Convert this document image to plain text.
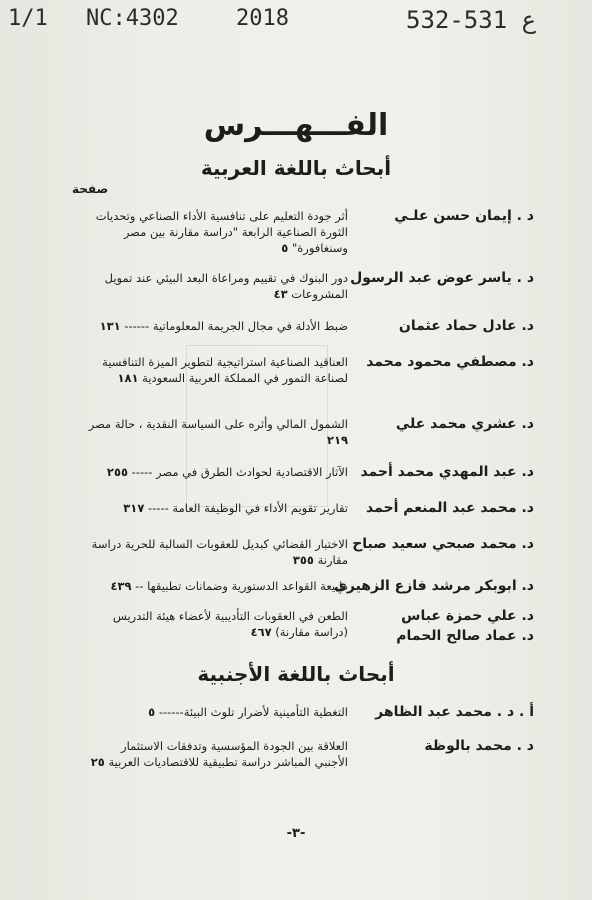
1/1 NC:4302	2018	532-531 ع
الفـــهـــرس
أبحاث باللغة العربية
صفحة
د . إيمان حسن علـي
أثر جودة التعليم على تنافسية الأداء الصناعي وتحديات الثورة الصناعية الرابعة "دراسة مقارنة بين مصر وسنغافورة" ٥
د . ياسر عوض عبد الرسول
دور البنوك في تقييم ومراعاة البعد البيئي عند تمويل المشروعات ٤٣
د. عادل حماد عثمان
ضبط الأدلة في مجال الجريمة المعلوماتية ------ ١٣١
د. مصطفي محمود محمد
العناقيد الصناعية استراتيجية لتطوير الميزة التنافسية لصناعة التمور في المملكة العربية السعودية ١٨١
د. عشري محمد علي
الشمول المالي وأثره على السياسة النقدية ، حالة مصر ٢١٩
د. عبد المهدي محمد أحمد
الآثار الاقتصادية لحوادث الطرق في مصر ----- ٢٥٥
د. محمد عبد المنعم أحمد
تقارير تقويم الأداء في الوظيفة العامة ----- ٣١٧
د. محمد صبحي سعيد صباح
الاختبار القضائي كبديل للعقوبات السالبة للحرية دراسة مقارنة ٣٥٥
د. ابوبكر مرشد فازع الزهيري
طبيعة القواعد الدستورية وضمانات تطبيقها -- ٤٣٩
د. علي حمزة عباس
الطعن في العقوبات التأديبية لأعضاء هيئة التدريس (دراسة مقارنة) ٤٦٧	د. عماد صالح الحمام
أبحاث باللغة الأجنبية
أ . د . محمد عبد الظاهر
التغطية التأمينية لأضرار تلوث البيئة------ ٥
د . محمد بالوظة
العلاقة بين الجودة المؤسسية وتدفقات الاستثمار الأجنبي المباشر دراسة تطبيقية للاقتصاديات العربية ٢٥
-٣-
